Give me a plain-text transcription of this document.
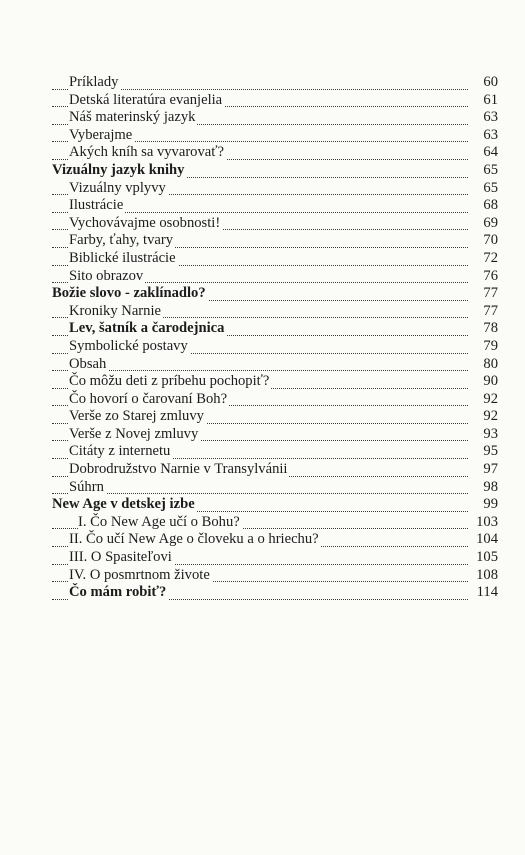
Príklady	60
Detská literatúra evanjelia	61
Náš materinský jazyk	63
Vyberajme	63
Akých kníh sa vyvarovať?	64
Vizuálny jazyk knihy	65
Vizuálny vplyvy	65
Ilustrácie	68
Vychovávajme osobnosti!	69
Farby, ťahy, tvary	70
Biblické ilustrácie	72
Sito obrazov	76
Božie slovo - zaklínadlo?	77
Kroniky Narnie	77
Lev, šatník a čarodejnica	78
Symbolické postavy	79
Obsah	80
Čo môžu deti z príbehu pochopiť?	90
Čo hovorí o čarovaní Boh?	92
Verše zo Starej zmluvy	92
Verše z Novej zmluvy	93
Citáty z internetu	95
Dobrodružstvo Narnie v Transylvánii	97
Súhrn	98
New Age v detskej izbe	99
I. Čo New Age učí o Bohu?	103
II. Čo učí New Age o človeku a o hriechu?	104
III. O Spasiteľovi	105
IV. O posmrtnom živote	108
Čo mám robiť?	114
